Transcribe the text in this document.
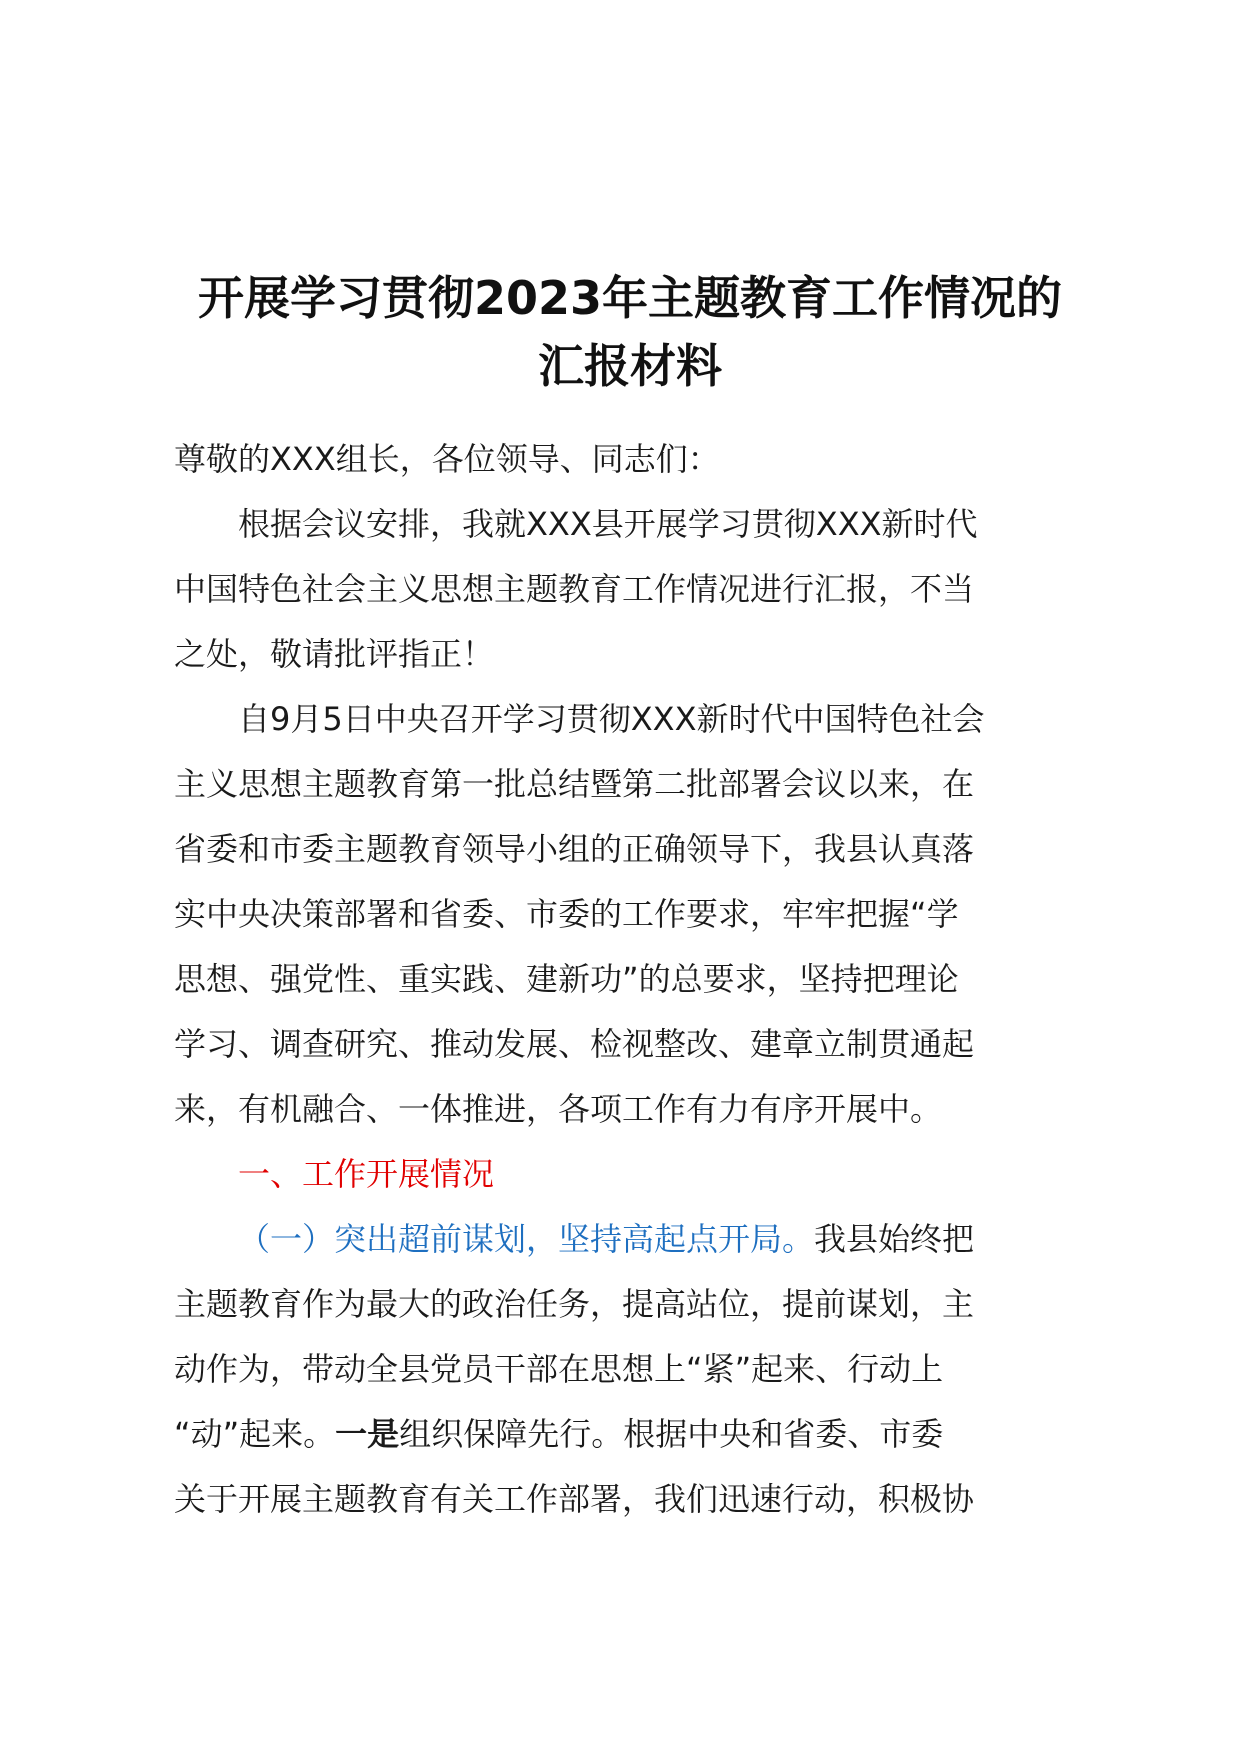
开展学习贯彻2023年主题教育工作情况的
汇报材料

尊敬的XXX组长，各位领导、同志们：

根据会议安排，我就XXX县开展学习贯彻XXX新时代
中国特色社会主义思想主题教育工作情况进行汇报，不当
之处，敬请批评指正！

自9月5日中央召开学习贯彻XXX新时代中国特色社会
主义思想主题教育第一批总结暨第二批部署会议以来，在
省委和市委主题教育领导小组的正确领导下，我县认真落
实中央决策部署和省委、市委的工作要求，牢牢把握“学
思想、强党性、重实践、建新功”的总要求，坚持把理论
学习、调查研究、推动发展、检视整改、建章立制贯通起
来，有机融合、一体推进，各项工作有力有序开展中。

一、工作开展情况

（一）突出超前谋划，坚持高起点开局。我县始终把
主题教育作为最大的政治任务，提高站位，提前谋划，主
动作为，带动全县党员干部在思想上“紧”起来、行动上
“动”起来。一是组织保障先行。根据中央和省委、市委
关于开展主题教育有关工作部署，我们迅速行动，积极协
